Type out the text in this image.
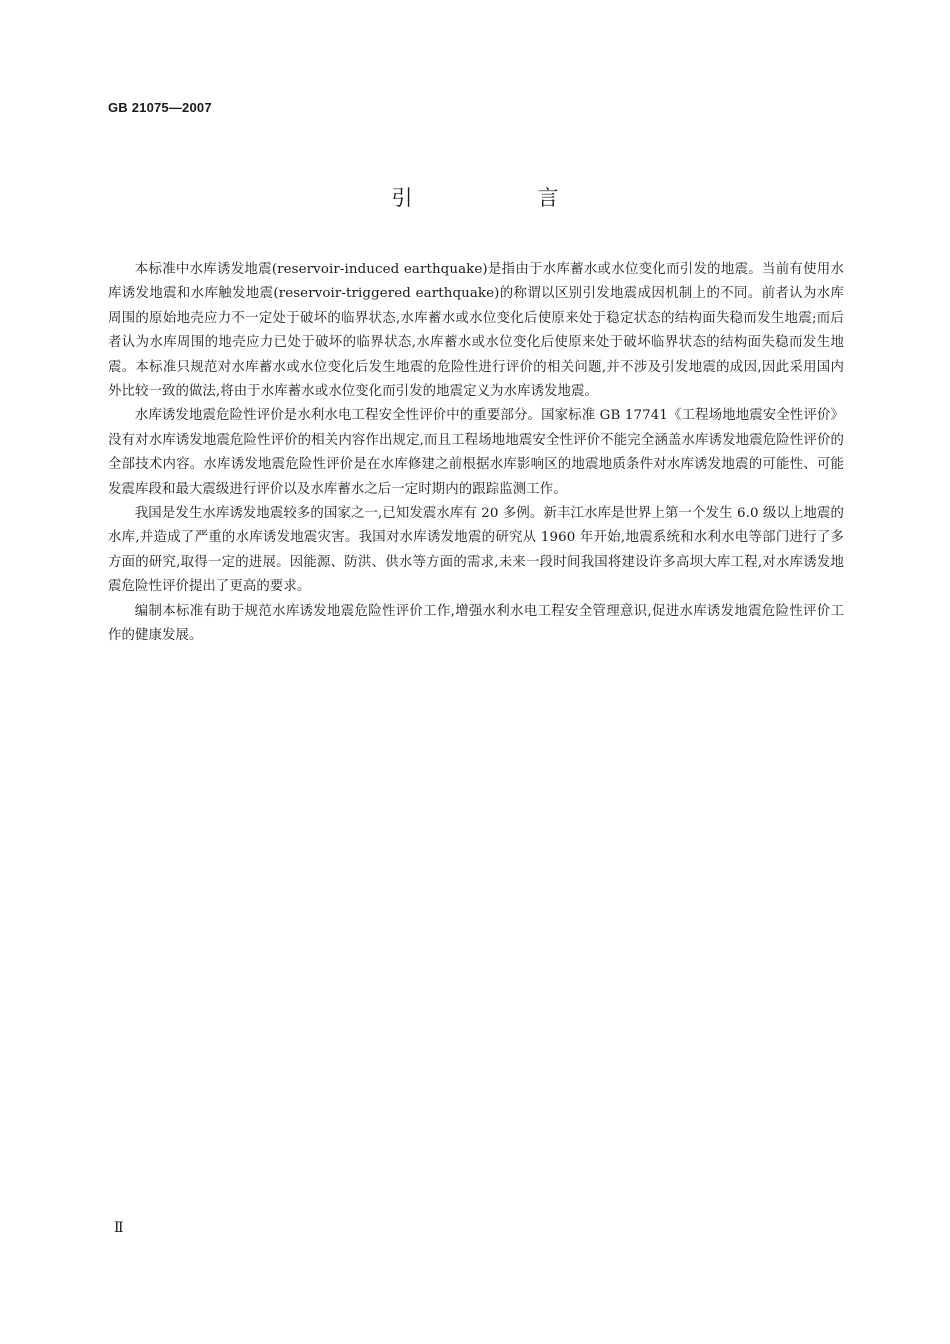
GB 21075—2007
引　言

本标准中水库诱发地震(reservoir-induced earthquake)是指由于水库蓄水或水位变化而引发的地震。当前有使用水库诱发地震和水库触发地震(reservoir-triggered earthquake)的称谓以区别引发地震成因机制上的不同。前者认为水库周围的原始地壳应力不一定处于破坏的临界状态,水库蓄水或水位变化后使原来处于稳定状态的结构面失稳而发生地震;而后者认为水库周围的地壳应力已处于破坏的临界状态,水库蓄水或水位变化后使原来处于破坏临界状态的结构面失稳而发生地震。本标准只规范对水库蓄水或水位变化后发生地震的危险性进行评价的相关问题,并不涉及引发地震的成因,因此采用国内外比较一致的做法,将由于水库蓄水或水位变化而引发的地震定义为水库诱发地震。

水库诱发地震危险性评价是水利水电工程安全性评价中的重要部分。国家标准 GB 17741《工程场地地震安全性评价》没有对水库诱发地震危险性评价的相关内容作出规定,而且工程场地地震安全性评价不能完全涵盖水库诱发地震危险性评价的全部技术内容。水库诱发地震危险性评价是在水库修建之前根据水库影响区的地震地质条件对水库诱发地震的可能性、可能发震库段和最大震级进行评价以及水库蓄水之后一定时期内的跟踪监测工作。

我国是发生水库诱发地震较多的国家之一,已知发震水库有 20 多例。新丰江水库是世界上第一个发生 6.0 级以上地震的水库,并造成了严重的水库诱发地震灾害。我国对水库诱发地震的研究从 1960 年开始,地震系统和水利水电等部门进行了多方面的研究,取得一定的进展。因能源、防洪、供水等方面的需求,未来一段时间我国将建设许多高坝大库工程,对水库诱发地震危险性评价提出了更高的要求。

编制本标准有助于规范水库诱发地震危险性评价工作,增强水利水电工程安全管理意识,促进水库诱发地震危险性评价工作的健康发展。

Ⅱ
